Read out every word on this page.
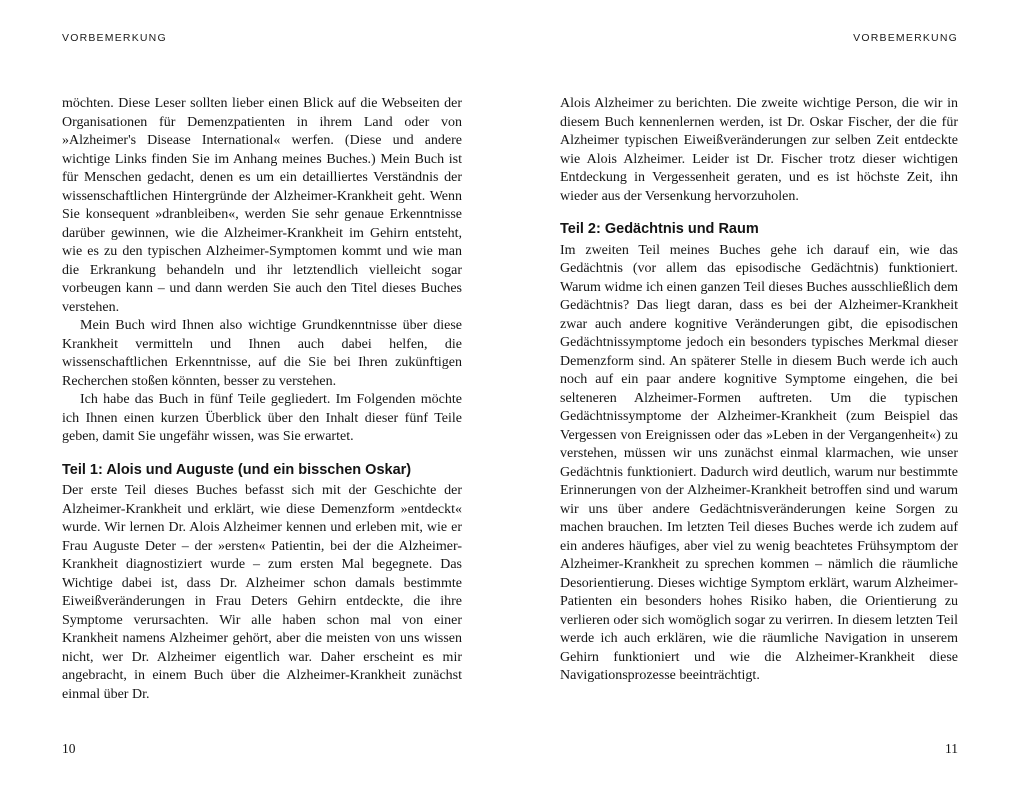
VORBEMERKUNG

möchten. Diese Leser sollten lieber einen Blick auf die Webseiten der Organisationen für Demenzpatienten in ihrem Land oder von »Alzheimer's Disease International« werfen. (Diese und andere wichtige Links finden Sie im Anhang meines Buches.) Mein Buch ist für Menschen gedacht, denen es um ein detailliertes Verständnis der wissenschaftlichen Hintergründe der Alzheimer-Krankheit geht. Wenn Sie konsequent »dranbleiben«, werden Sie sehr genaue Erkenntnisse darüber gewinnen, wie die Alzheimer-Krankheit im Gehirn entsteht, wie es zu den typischen Alzheimer-Symptomen kommt und wie man die Erkrankung behandeln und ihr letztendlich vielleicht sogar vorbeugen kann – und dann werden Sie auch den Titel dieses Buches verstehen.

Mein Buch wird Ihnen also wichtige Grundkenntnisse über diese Krankheit vermitteln und Ihnen auch dabei helfen, die wissenschaftlichen Erkenntnisse, auf die Sie bei Ihren zukünftigen Recherchen stoßen könnten, besser zu verstehen.

Ich habe das Buch in fünf Teile gegliedert. Im Folgenden möchte ich Ihnen einen kurzen Überblick über den Inhalt dieser fünf Teile geben, damit Sie ungefähr wissen, was Sie erwartet.

Teil 1: Alois und Auguste (und ein bisschen Oskar)

Der erste Teil dieses Buches befasst sich mit der Geschichte der Alzheimer-Krankheit und erklärt, wie diese Demenzform »entdeckt« wurde. Wir lernen Dr. Alois Alzheimer kennen und erleben mit, wie er Frau Auguste Deter – der »ersten« Patientin, bei der die Alzheimer-Krankheit diagnostiziert wurde – zum ersten Mal begegnete. Das Wichtige dabei ist, dass Dr. Alzheimer schon damals bestimmte Eiweißveränderungen in Frau Deters Gehirn entdeckte, die ihre Symptome verursachten. Wir alle haben schon mal von einer Krankheit namens Alzheimer gehört, aber die meisten von uns wissen nicht, wer Dr. Alzheimer eigentlich war. Daher erscheint es mir angebracht, in einem Buch über die Alzheimer-Krankheit zunächst einmal über Dr.

10
VORBEMERKUNG

Alois Alzheimer zu berichten. Die zweite wichtige Person, die wir in diesem Buch kennenlernen werden, ist Dr. Oskar Fischer, der die für Alzheimer typischen Eiweißveränderungen zur selben Zeit entdeckte wie Alois Alzheimer. Leider ist Dr. Fischer trotz dieser wichtigen Entdeckung in Vergessenheit geraten, und es ist höchste Zeit, ihn wieder aus der Versenkung hervorzuholen.

Teil 2: Gedächtnis und Raum

Im zweiten Teil meines Buches gehe ich darauf ein, wie das Gedächtnis (vor allem das episodische Gedächtnis) funktioniert. Warum widme ich einen ganzen Teil dieses Buches ausschließlich dem Gedächtnis? Das liegt daran, dass es bei der Alzheimer-Krankheit zwar auch andere kognitive Veränderungen gibt, die episodischen Gedächtnissymptome jedoch ein besonders typisches Merkmal dieser Demenzform sind. An späterer Stelle in diesem Buch werde ich auch noch auf ein paar andere kognitive Symptome eingehen, die bei selteneren Alzheimer-Formen auftreten. Um die typischen Gedächtnissymptome der Alzheimer-Krankheit (zum Beispiel das Vergessen von Ereignissen oder das »Leben in der Vergangenheit«) zu verstehen, müssen wir uns zunächst einmal klarmachen, wie unser Gedächtnis funktioniert. Dadurch wird deutlich, warum nur bestimmte Erinnerungen von der Alzheimer-Krankheit betroffen sind und warum wir uns über andere Gedächtnisveränderungen keine Sorgen zu machen brauchen. Im letzten Teil dieses Buches werde ich zudem auf ein anderes häufiges, aber viel zu wenig beachtetes Frühsymptom der Alzheimer-Krankheit zu sprechen kommen – nämlich die räumliche Desorientierung. Dieses wichtige Symptom erklärt, warum Alzheimer-Patienten ein besonders hohes Risiko haben, die Orientierung zu verlieren oder sich womöglich sogar zu verirren. In diesem letzten Teil werde ich auch erklären, wie die räumliche Navigation in unserem Gehirn funktioniert und wie die Alzheimer-Krankheit diese Navigationsprozesse beeinträchtigt.

11
